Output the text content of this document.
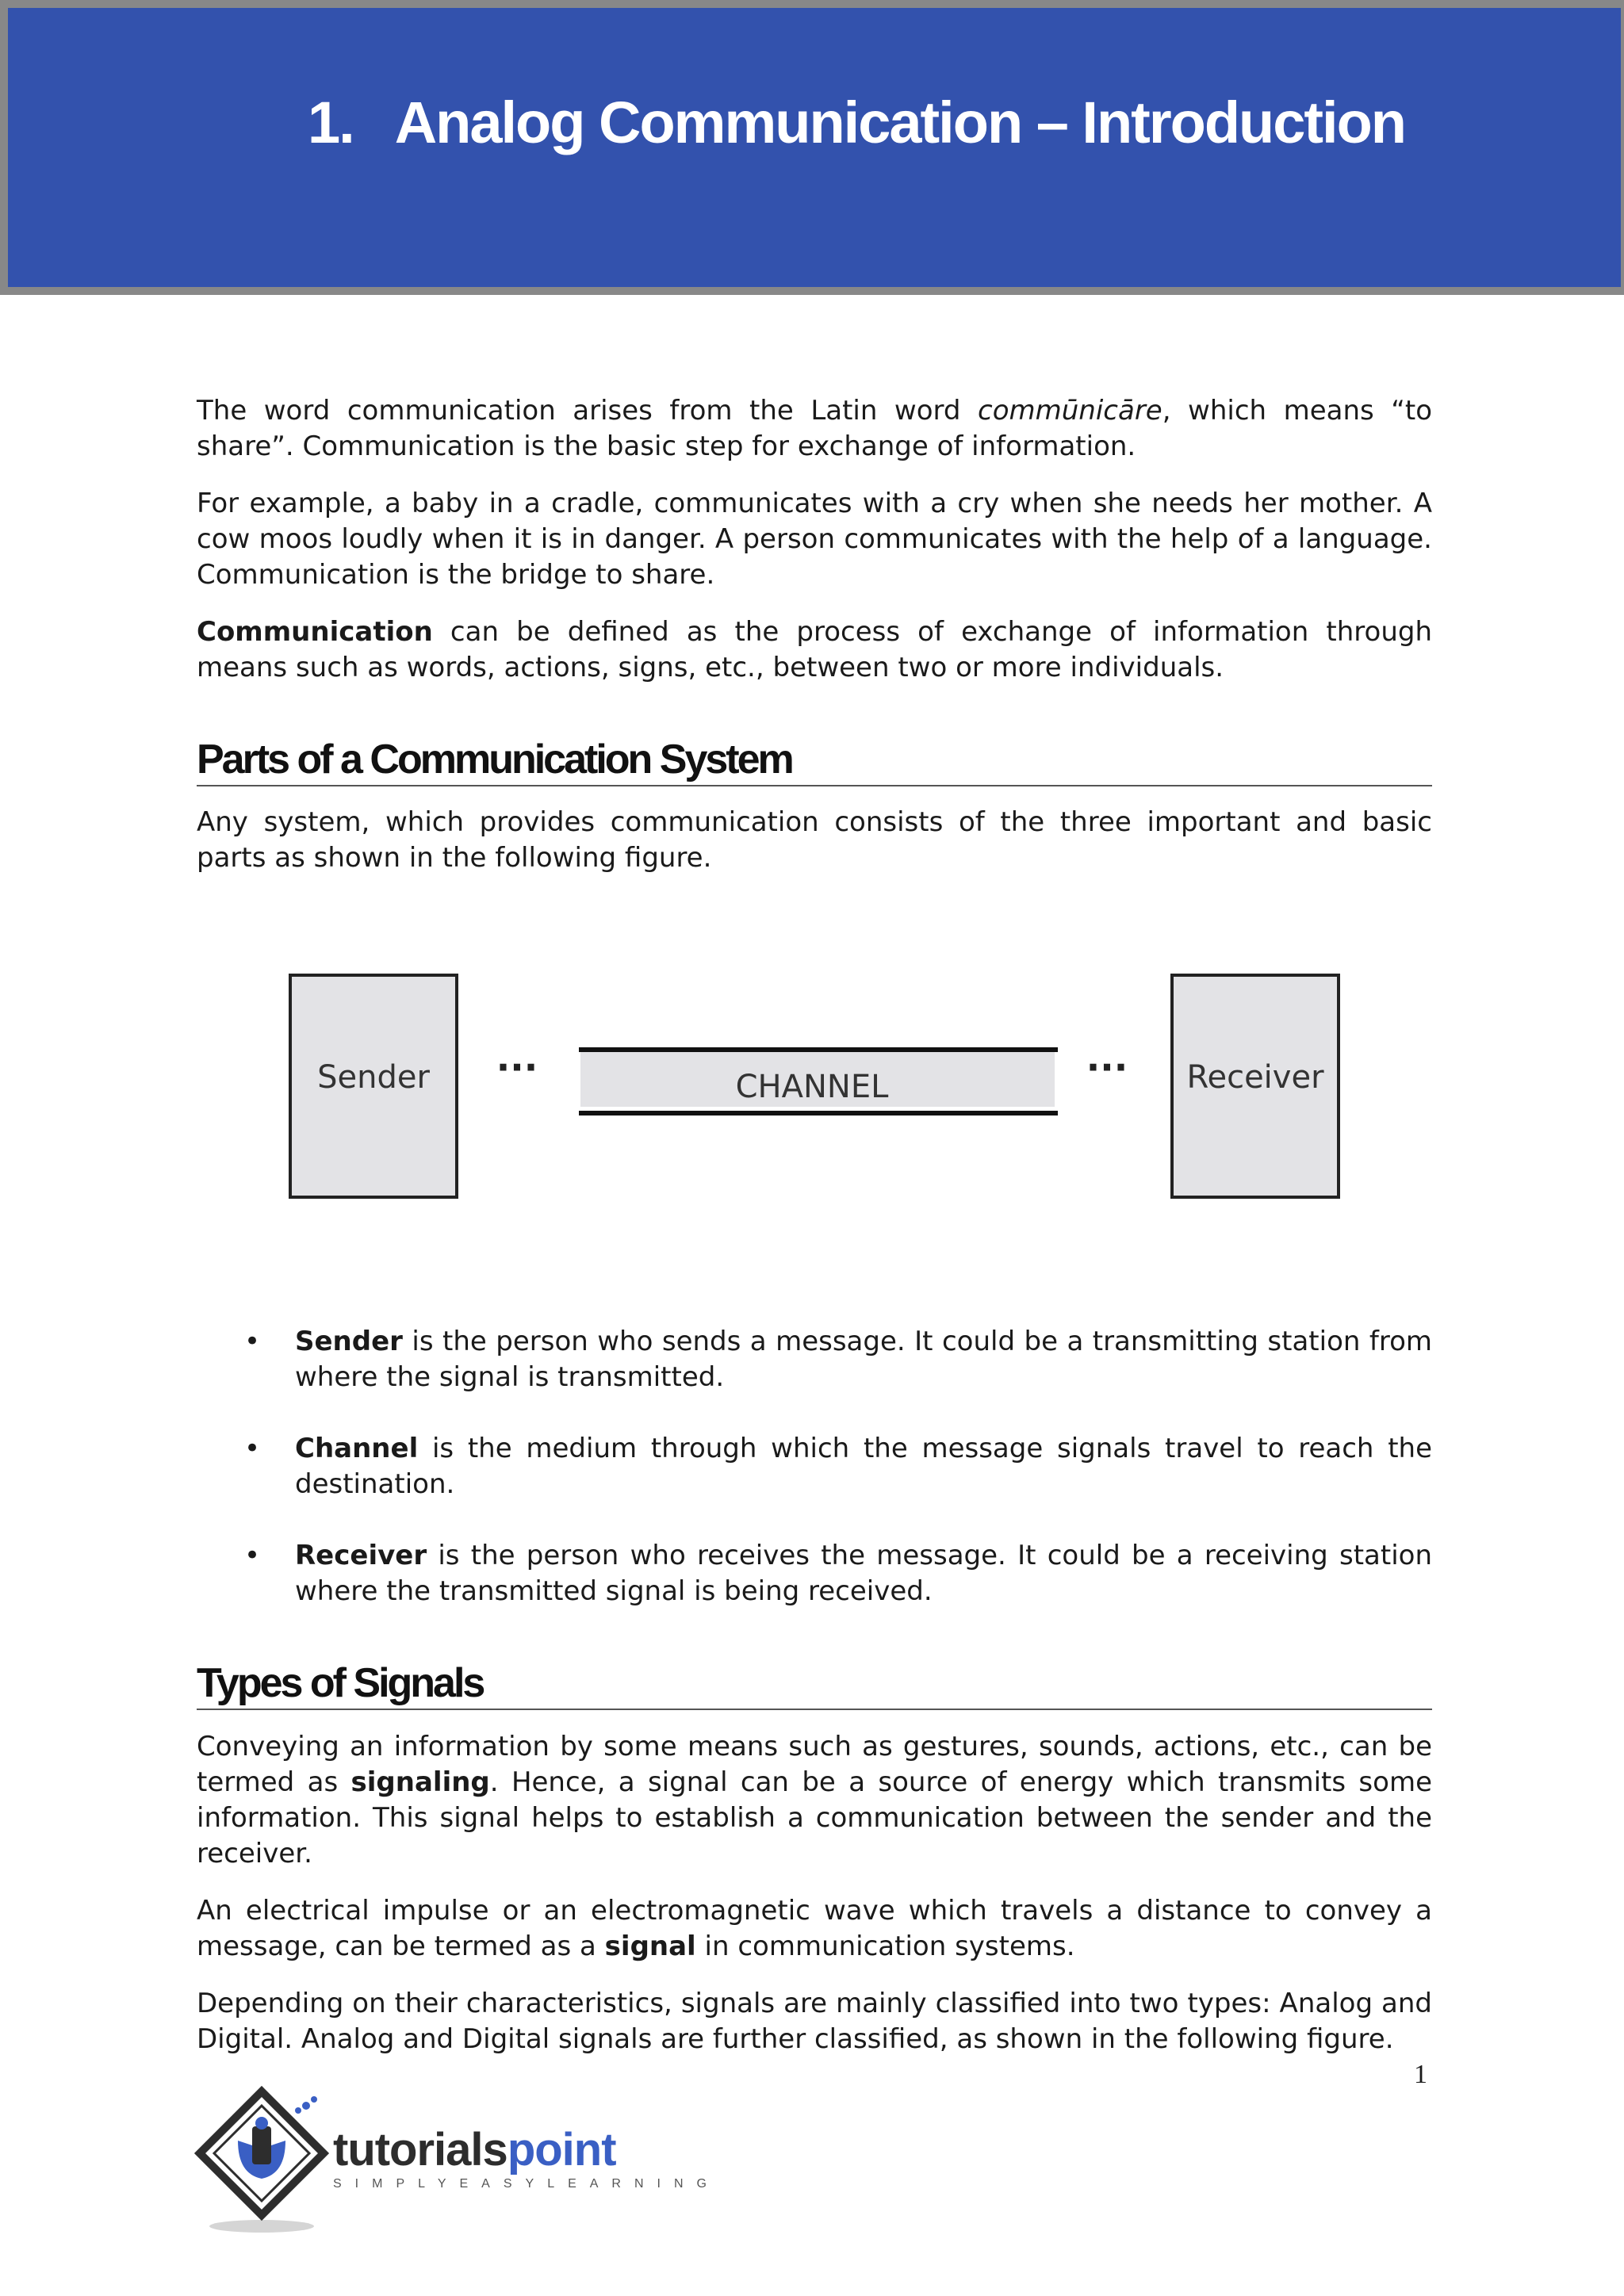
1. Analog Communication – Introduction

The word communication arises from the Latin word commūnicāre, which means “to share”. Communication is the basic step for exchange of information.

For example, a baby in a cradle, communicates with a cry when she needs her mother. A cow moos loudly when it is in danger. A person communicates with the help of a language. Communication is the bridge to share.

Communication can be defined as the process of exchange of information through means such as words, actions, signs, etc., between two or more individuals.

Parts of a Communication System

Any system, which provides communication consists of the three important and basic parts as shown in the following figure.

Sender ···	CHANNEL	··· Receiver
• Sender is the person who sends a message. It could be a transmitting station from where the signal is transmitted.
• Channel is the medium through which the message signals travel to reach the destination.
• Receiver is the person who receives the message. It could be a receiving station where the transmitted signal is being received.
Types of Signals

Conveying an information by some means such as gestures, sounds, actions, etc., can be termed as signaling. Hence, a signal can be a source of energy which transmits some information. This signal helps to establish a communication between the sender and the receiver.

An electrical impulse or an electromagnetic wave which travels a distance to convey a message, can be termed as a signal in communication systems.

Depending on their characteristics, signals are mainly classified into two types: Analog and Digital. Analog and Digital signals are further classified, as shown in the following figure.

1
tutorialspoint
SIMPLYEASYLEARNING
